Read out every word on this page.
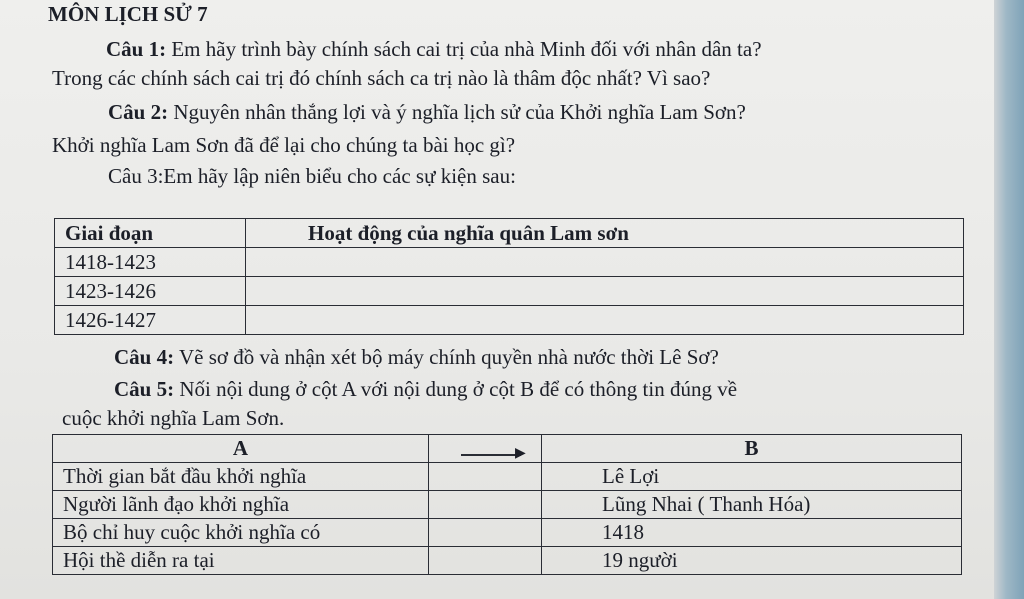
MÔN LỊCH SỬ 7
Câu 1: Em hãy trình bày chính sách cai trị của nhà Minh đối với nhân dân ta?
Trong các chính sách cai trị đó chính sách ca trị nào là thâm độc nhất? Vì sao?
Câu 2: Nguyên nhân thắng lợi và ý nghĩa lịch sử của Khởi nghĩa Lam Sơn?
Khởi nghĩa Lam Sơn đã để lại cho chúng ta bài học gì?
Câu 3:Em hãy lập niên biểu cho các sự kiện sau:
Giai đoạn	Hoạt động của nghĩa quân Lam sơn
1418-1423	
1423-1426	
1426-1427	
Câu 4: Vẽ sơ đồ và nhận xét bộ máy chính quyền nhà nước thời Lê Sơ?
Câu 5: Nối nội dung ở cột A với nội dung ở cột B để có thông tin đúng về
cuộc khởi nghĩa Lam Sơn.
A	▶	B
Thời gian bắt đầu khởi nghĩa		Lê Lợi
Người lãnh đạo khởi nghĩa		Lũng Nhai ( Thanh Hóa)
Bộ chỉ huy cuộc khởi nghĩa có		1418
Hội thề diễn ra tại		19 người
